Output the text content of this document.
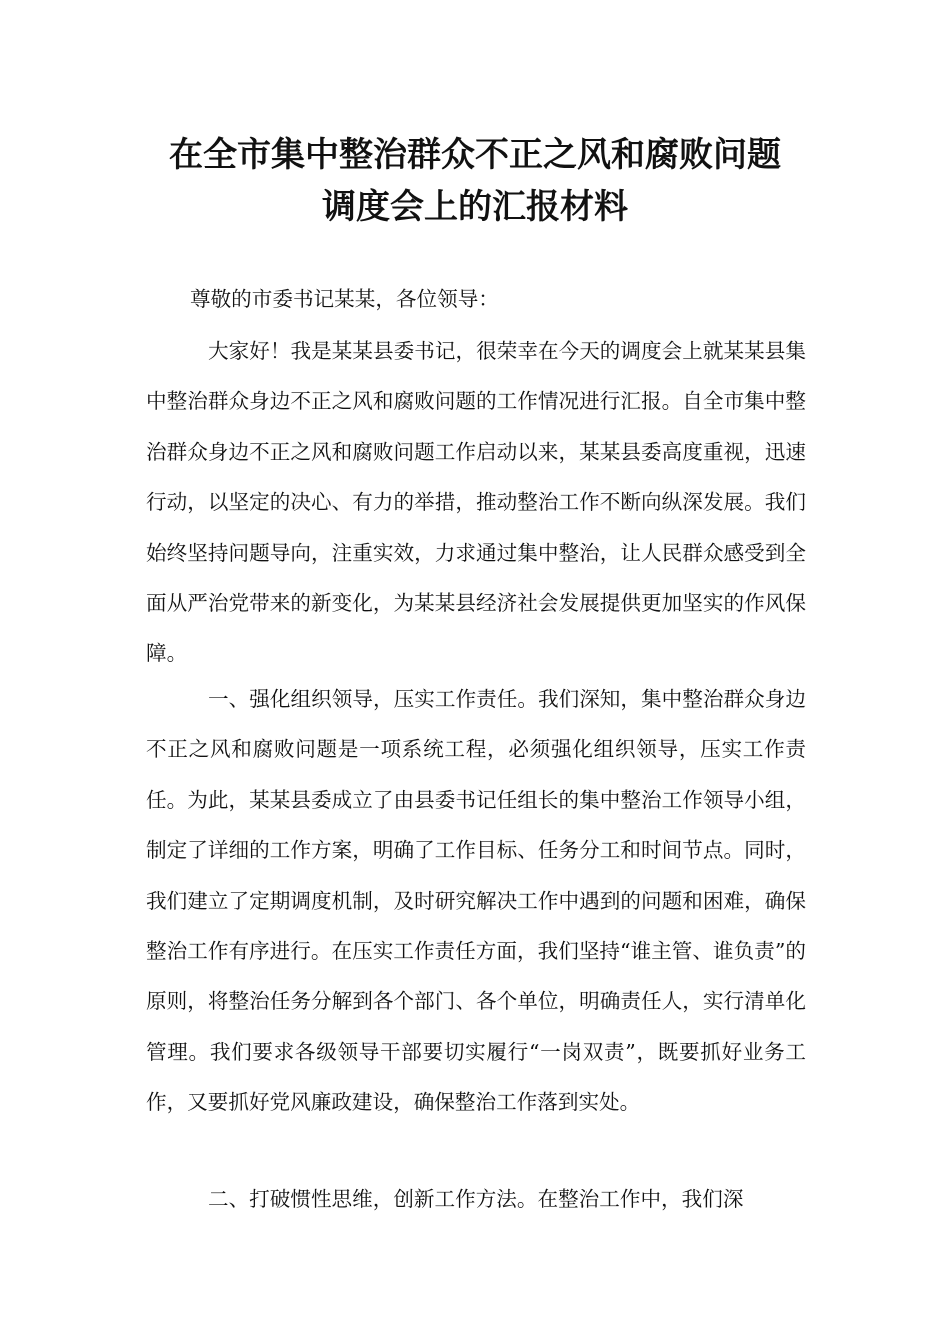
在全市集中整治群众不正之风和腐败问题
调度会上的汇报材料

尊敬的市委书记某某，各位领导：

大家好！我是某某县委书记，很荣幸在今天的调度会上就某某县集中整治群众身边不正之风和腐败问题的工作情况进行汇报。自全市集中整治群众身边不正之风和腐败问题工作启动以来，某某县委高度重视，迅速行动，以坚定的决心、有力的举措，推动整治工作不断向纵深发展。我们始终坚持问题导向，注重实效，力求通过集中整治，让人民群众感受到全面从严治党带来的新变化，为某某县经济社会发展提供更加坚实的作风保障。

一、强化组织领导，压实工作责任。我们深知，集中整治群众身边不正之风和腐败问题是一项系统工程，必须强化组织领导，压实工作责任。为此，某某县委成立了由县委书记任组长的集中整治工作领导小组，制定了详细的工作方案，明确了工作目标、任务分工和时间节点。同时，我们建立了定期调度机制，及时研究解决工作中遇到的问题和困难，确保整治工作有序进行。在压实工作责任方面，我们坚持“谁主管、谁负责”的原则，将整治任务分解到各个部门、各个单位，明确责任人，实行清单化管理。我们要求各级领导干部要切实履行“一岗双责”，既要抓好业务工作，又要抓好党风廉政建设，确保整治工作落到实处。

二、打破惯性思维，创新工作方法。在整治工作中，我们深
